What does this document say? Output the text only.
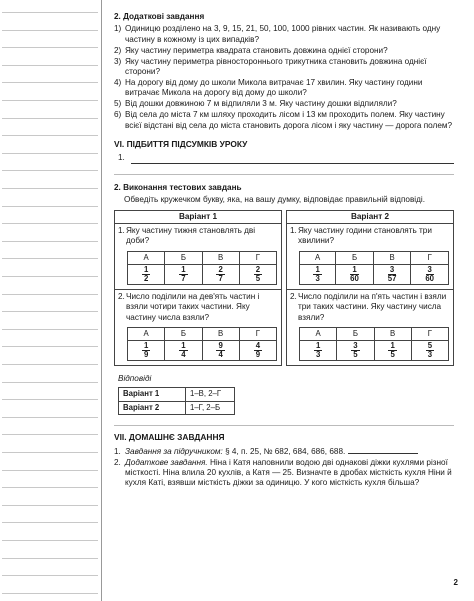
2. Додаткові завдання
1) Одиницю розділено на 3, 9, 15, 21, 50, 100, 1000 рівних частин. Як називають одну частину в кожному із цих випадків?
2) Яку частину периметра квадрата становить довжина однієї сторони?
3) Яку частину периметра рівностороннього трикутника становить довжина однієї сторони?
4) На дорогу від дому до школи Микола витрачає 17 хвилин. Яку частину години витрачає Микола на дорогу від дому до школи?
5) Від дошки довжиною 7 м відпиляли 3 м. Яку частину дошки відпиляли?
6) Від села до міста 7 км шляху проходить лісом і 13 км проходить полем. Яку частину всієї відстані від села до міста становить дорога лісом і яку частину — дорога полем?
VI. ПІДБИТТЯ ПІДСУМКІВ УРОКУ
1.
2. Виконання тестових завдань
Обведіть кружечком букву, яка, на вашу думку, відповідає правильній відповіді.
Варіант 1
1. Яку частину тижня становлять дві доби?
А	Б	В	Г

$\frac{1}{2}$	$\frac{1}{7}$	$\frac{2}{7}$	$\frac{2}{5}$
2. Число поділили на дев'ять частин і взяли чотири таких частини. Яку частину числа взяли?
А	Б	В	Г

$\frac{1}{9}$	$\frac{1}{4}$	$\frac{9}{4}$	$\frac{4}{9}$
Варіант 2
1. Яку частину години становлять три хвилини?
А	Б	В	Г

$\frac{1}{3}$	$\frac{1}{60}$	$\frac{3}{57}$	$\frac{3}{60}$
2. Число поділили на п'ять частин і взяли три таких частини. Яку частину числа взяли?
А	Б	В	Г

$\frac{1}{3}$	$\frac{3}{5}$	$\frac{1}{5}$	$\frac{5}{3}$
Відповіді
Варіант 1	1–В, 2–Г
Варіант 2	1–Г, 2–Б
VII. ДОМАШНЄ ЗАВДАННЯ
1. Завдання за підручником: § 4, п. 25, № 682, 684, 686, 688.
2. Додаткове завдання. Ніна і Катя наповнили водою дві однакові діжки кухлями різної місткості. Ніна влила 20 кухлів, а Катя — 25. Визначте в дробах місткість кухля Ніни й кухля Каті, взявши місткість діжки за одиницю. У кого місткість кухля більша?
2
